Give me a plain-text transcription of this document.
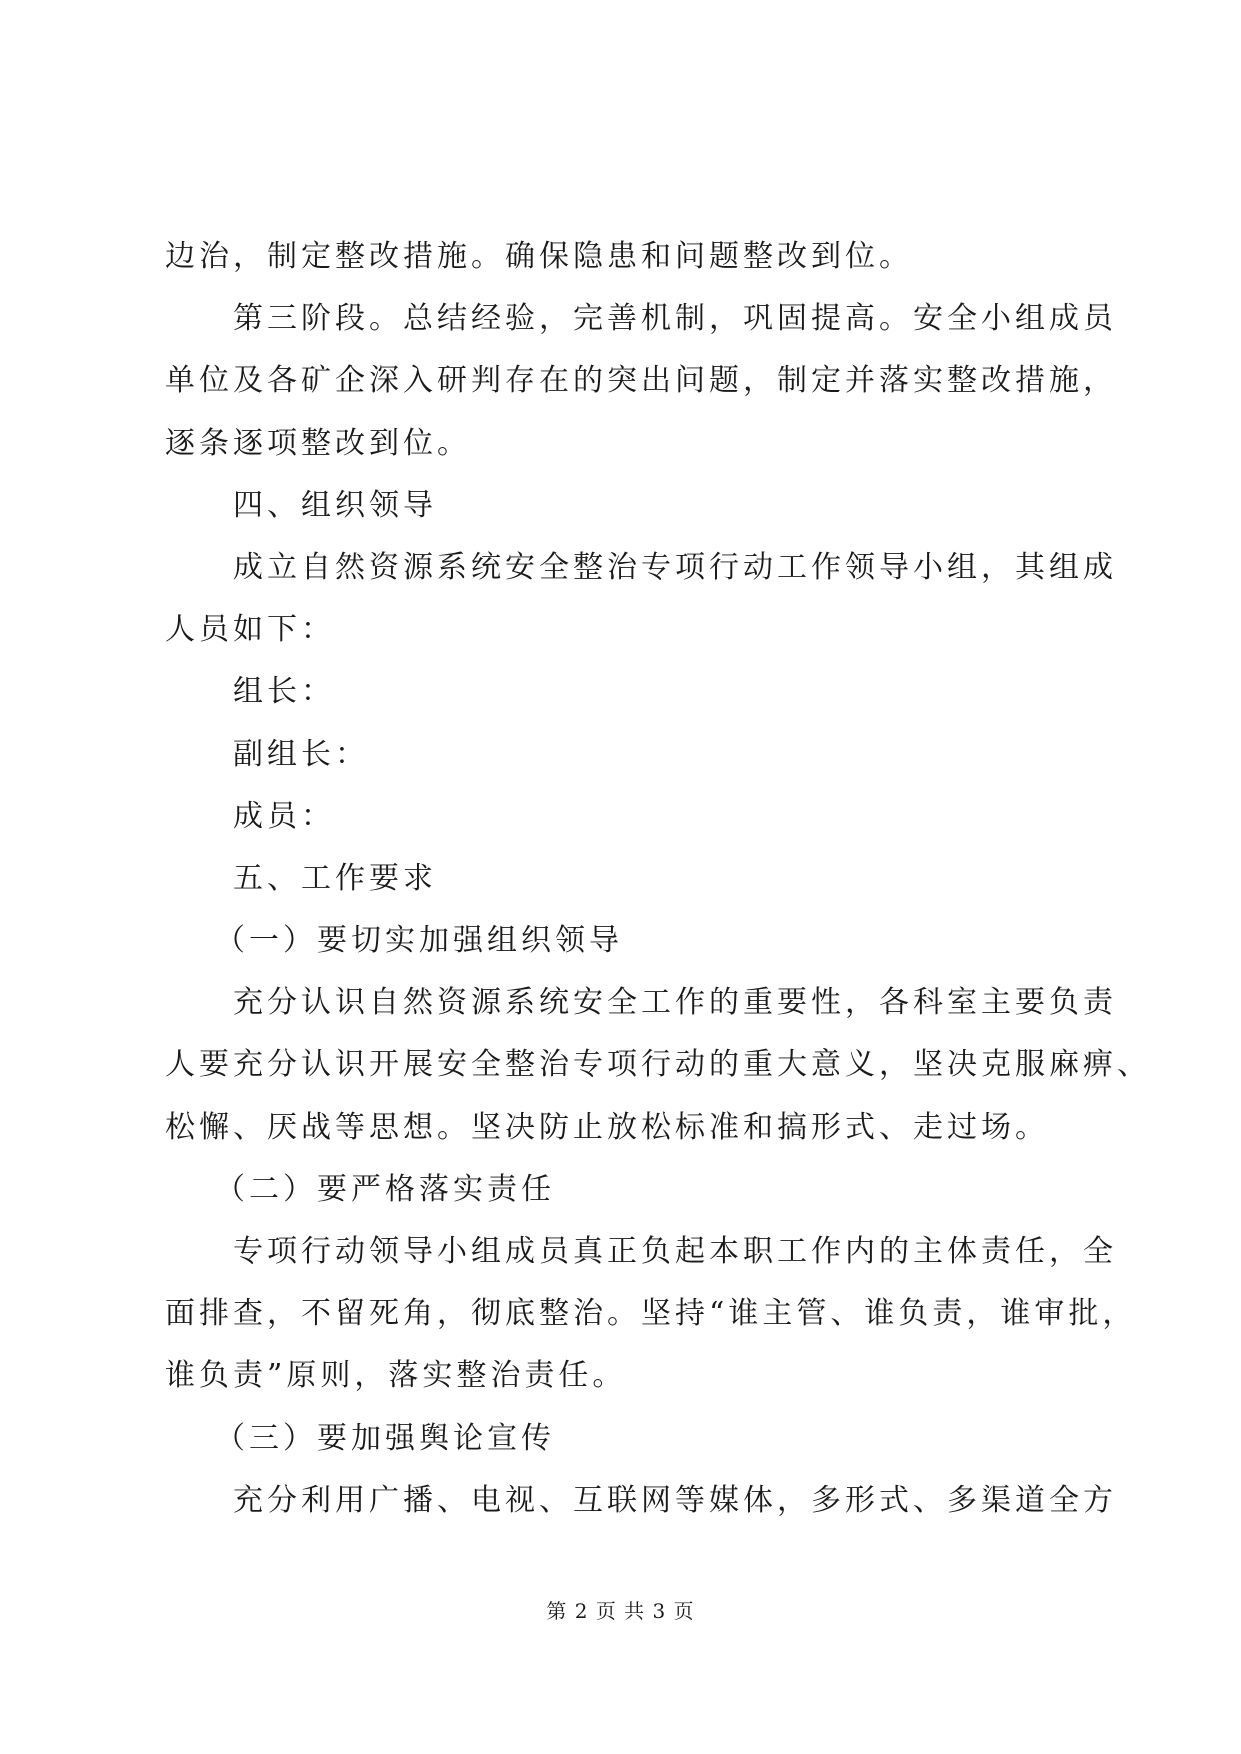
边治，制定整改措施。确保隐患和问题整改到位。

第三阶段。总结经验，完善机制，巩固提高。安全小组成员

单位及各矿企深入研判存在的突出问题，制定并落实整改措施，

逐条逐项整改到位。

四、组织领导

成立自然资源系统安全整治专项行动工作领导小组，其组成

人员如下：

组长：

副组长：

成员：

五、工作要求

（一）要切实加强组织领导

充分认识自然资源系统安全工作的重要性，各科室主要负责

人要充分认识开展安全整治专项行动的重大意义，坚决克服麻痹、

松懈、厌战等思想。坚决防止放松标准和搞形式、走过场。

（二）要严格落实责任

专项行动领导小组成员真正负起本职工作内的主体责任，全

面排查，不留死角，彻底整治。坚持“谁主管、谁负责，谁审批，

谁负责”原则，落实整治责任。

（三）要加强舆论宣传

充分利用广播、电视、互联网等媒体，多形式、多渠道全方

第 2 页 共 3 页
